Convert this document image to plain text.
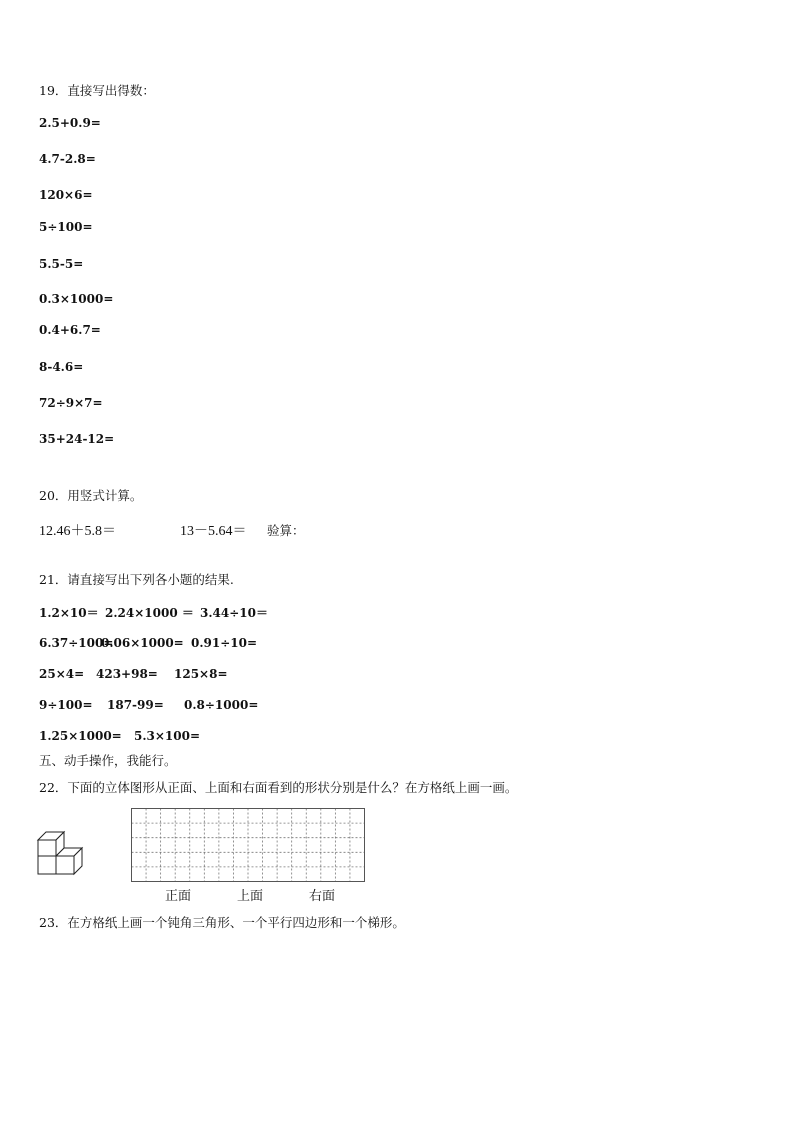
19．直接写出得数：
2.5+0.9=
4.7-2.8=
120×6=
5÷100=
5.5-5=
0.3×1000=
0.4+6.7=
8-4.6=
72÷9×7=
35+24-12=
20．用竖式计算。
12.46＋5.8＝	13－5.64＝ 验算：
21．请直接写出下列各小题的结果.
1.2×10＝ 2.24×1000 ＝ 3.44÷10＝
6.37÷100=
0.06×1000= 0.91÷10=
25×4= 423+98= 125×8=
9÷100= 187-99= 0.8÷1000=
1.25×1000= 5.3×100=
五、动手操作，我能行。
22．下面的立体图形从正面、上面和右面看到的形状分别是什么？在方格纸上画一画。
正面	上面	右面
23．在方格纸上画一个钝角三角形、一个平行四边形和一个梯形。
